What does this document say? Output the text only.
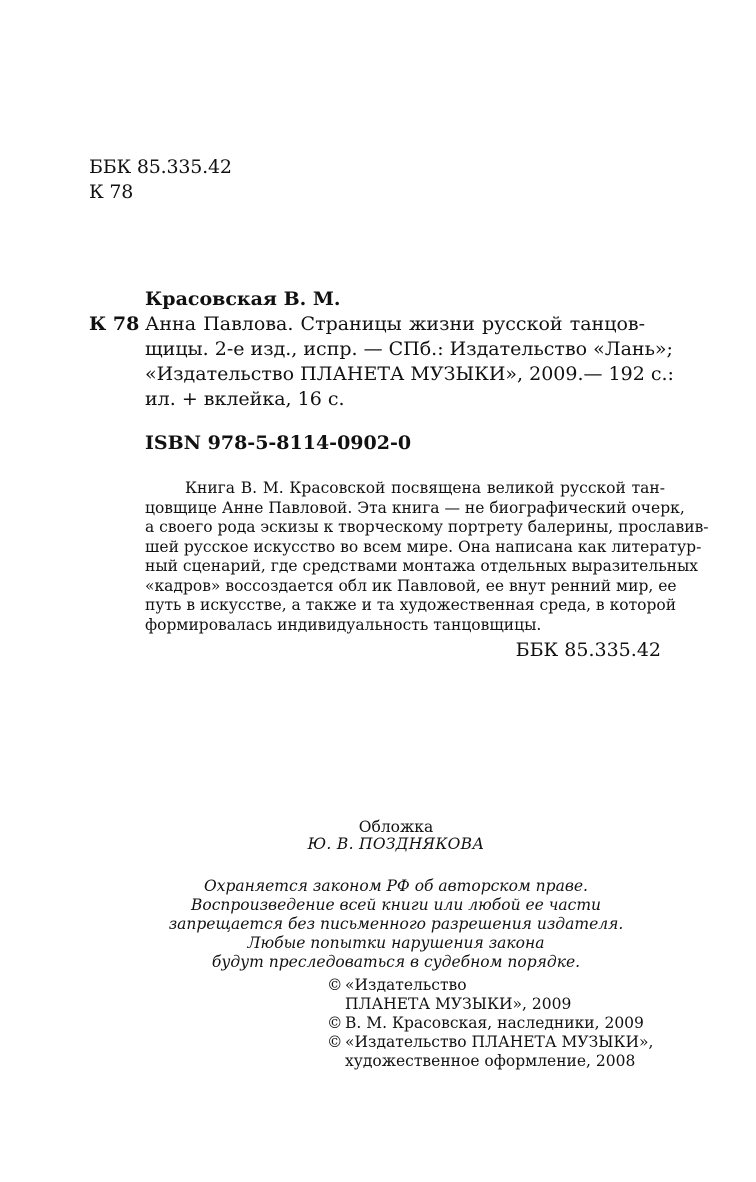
ББК 85.335.42
К 78
Красовская В. М.
К 78 Анна Павлова. Страницы жизни русской танцов-
щицы. 2-е изд., испр. — СПб.: Издательство «Лань»;
«Издательство ПЛАНЕТА МУЗЫКИ», 2009.— 192 с.:
ил. + вклейка, 16 с.
ISBN 978-5-8114-0902-0
Книга В. М. Красовской посвящена великой русской тан-
цовщице Анне Павловой. Эта книга — не биографический очерк,
а своего рода эскизы к творческому портрету балерины, прославив-
шей русское искусство во всем мире. Она написана как литератур-
ный сценарий, где средствами монтажа отдельных выразительных
«кадров» воссоздается обл ик Павловой, ее внут ренний мир, ее
путь в искусстве, а также и та художественная среда, в которой
формировалась индивидуальность танцовщицы.
ББК 85.335.42
Обложка
Ю. В. ПОЗДНЯКОВА
Охраняется законом РФ об авторском праве.
Воспроизведение всей книги или любой ее части
запрещается без письменного разрешения издателя.
Любые попытки нарушения закона
будут преследоваться в судебном порядке.
© «Издательство
ПЛАНЕТА МУЗЫКИ», 2009
© В. М. Красовская, наследники, 2009
© «Издательство ПЛАНЕТА МУЗЫКИ»,
художественное оформление, 2008
